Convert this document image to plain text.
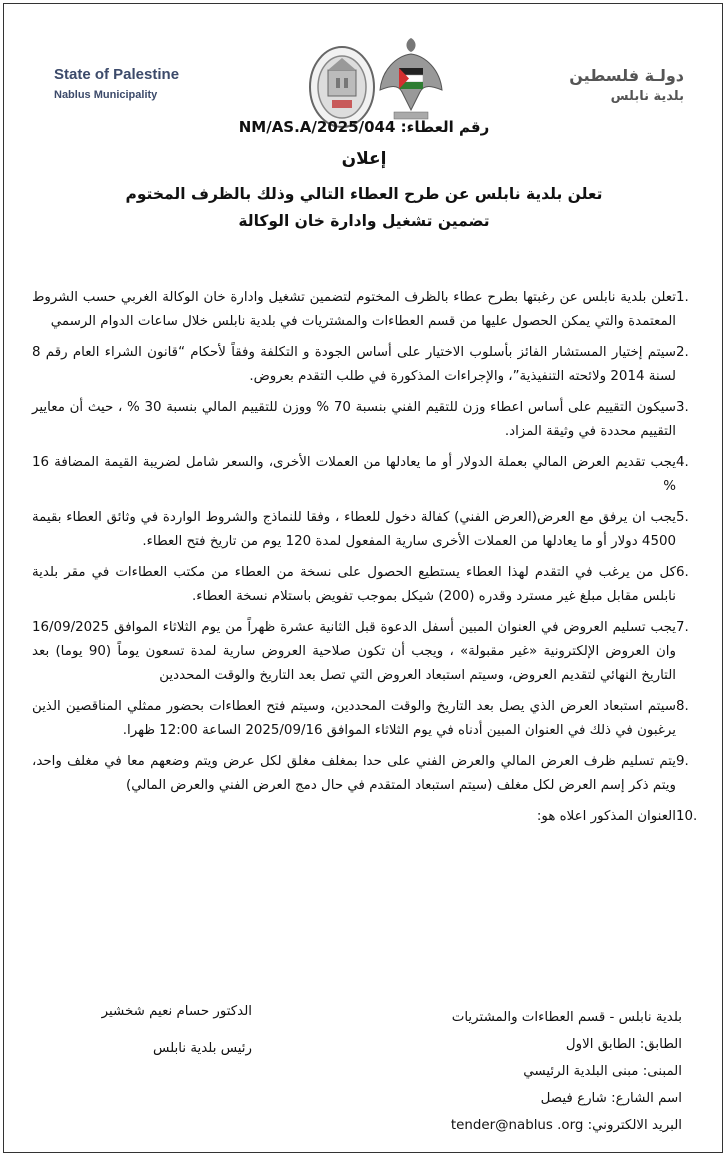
State of Palestine
Nablus Municipality
دولـة فلسطين
بلدية نابلس
إعلان
تعلن بلدية نابلس عن طرح العطاء التالي وذلك بالظرف المختوم
تضمين تشغيل وادارة خان الوكالة
رقم العطاء: NM/AS.A/2025/044
1.
تعلن بلدية نابلس عن رغبتها بطرح عطاء بالظرف المختوم لتضمين تشغيل وادارة خان الوكالة الغربي حسب الشروط المعتمدة والتي يمكن الحصول عليها من قسم العطاءات والمشتريات في بلدية نابلس خلال ساعات الدوام الرسمي
2.
سيتم إختيار المستشار الفائز بأسلوب الاختيار على أساس الجودة و التكلفة وفقاً لأحكام “قانون الشراء العام رقم 8 لسنة 2014 ولائحته التنفيذية”، والإجراءات المذكورة في طلب التقدم بعروض.
3.
سيكون التقييم على أساس اعطاء وزن للتقيم الفني بنسبة 70 % ووزن للتقييم المالي بنسبة 30 % ، حيث أن معايير التقييم محددة في وثيقة المزاد.
4.
يجب تقديم العرض المالي بعملة الدولار أو ما يعادلها من العملات الأخرى، والسعر شامل لضريبة القيمة المضافة 16 %
5.
يجب ان يرفق مع العرض(العرض الفني) كفالة دخول للعطاء ، وفقا للنماذج والشروط الواردة في وثائق العطاء بقيمة 4500 دولار أو ما يعادلها من العملات الأخرى سارية المفعول لمدة 120 يوم من تاريخ فتح العطاء.
6.
كل من يرغب في التقدم لهذا العطاء يستطيع الحصول على نسخة من العطاء من مكتب العطاءات في مقر بلدية نابلس مقابل مبلغ غير مسترد وقدره (200) شيكل بموجب تفويض باستلام نسخة العطاء.
7.
يجب تسليم العروض في العنوان المبين أسفل الدعوة قبل الثانية عشرة ظهراً من يوم الثلاثاء الموافق 16/09/2025 وان العروض الإلكترونية «غير مقبولة» ، ويجب أن تكون صلاحية العروض سارية لمدة تسعون يوماً (90 يوما) بعد التاريخ النهائي لتقديم العروض، وسيتم استبعاد العروض التي تصل بعد التاريخ والوقت المحددين
8.
سيتم استبعاد العرض الذي يصل بعد التاريخ والوقت المحددين، وسيتم فتح العطاءات بحضور ممثلي المناقصين الذين يرغبون في ذلك في العنوان المبين أدناه في يوم الثلاثاء الموافق 2025/09/16 الساعة 12:00 ظهرا.
9.
يتم تسليم ظرف العرض المالي والعرض الفني على حدا بمغلف مغلق لكل عرض ويتم وضعهم معا في مغلف واحد، ويتم ذكر إسم العرض لكل مغلف (سيتم استبعاد المتقدم في حال دمج العرض الفني والعرض المالي)
10.
العنوان المذكور اعلاه هو:
الدكتور حسام نعيم شخشير
رئيس بلدية نابلس
بلدية نابلس - قسم العطاءات والمشتريات
الطابق: الطابق الاول
المبنى: مبنى البلدية الرئيسي
اسم الشارع: شارع فيصل
البريد الالكتروني: tender@nablus .org
